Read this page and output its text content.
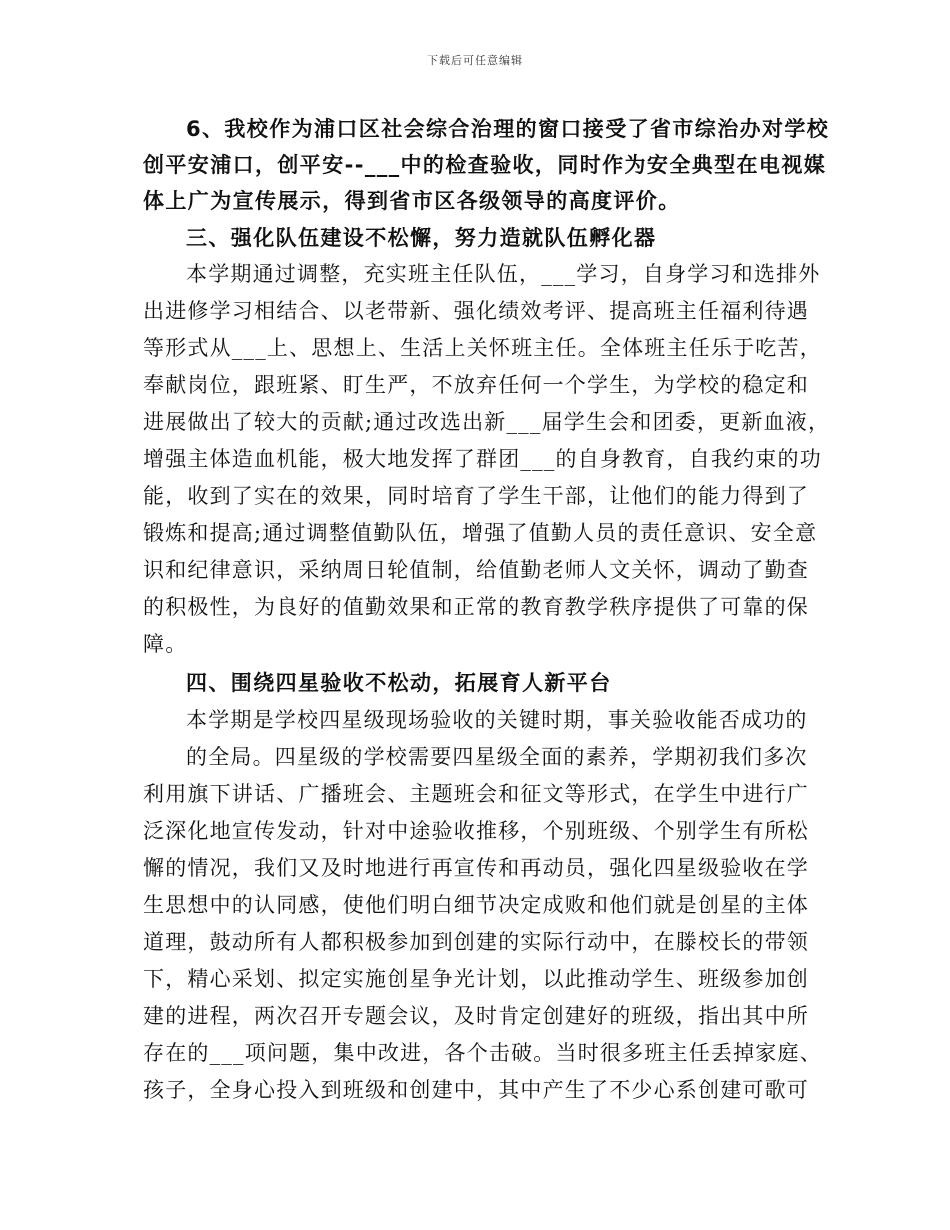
下载后可任意编辑
6、我校作为浦口区社会综合治理的窗口接受了省市综治办对学校
创平安浦口，创平安--___中的检查验收，同时作为安全典型在电视媒
体上广为宣传展示，得到省市区各级领导的高度评价。
三、强化队伍建设不松懈，努力造就队伍孵化器
本学期通过调整，充实班主任队伍，___学习，自身学习和选排外
出进修学习相结合、以老带新、强化绩效考评、提高班主任福利待遇
等形式从___上、思想上、生活上关怀班主任。全体班主任乐于吃苦，
奉献岗位，跟班紧、盯生严，不放弃任何一个学生，为学校的稳定和
进展做出了较大的贡献;通过改选出新___届学生会和团委，更新血液，
增强主体造血机能，极大地发挥了群团___的自身教育，自我约束的功
能，收到了实在的效果，同时培育了学生干部，让他们的能力得到了
锻炼和提高;通过调整值勤队伍，增强了值勤人员的责任意识、安全意
识和纪律意识，采纳周日轮值制，给值勤老师人文关怀，调动了勤查
的积极性，为良好的值勤效果和正常的教育教学秩序提供了可靠的保
障。
四、围绕四星验收不松动，拓展育人新平台
本学期是学校四星级现场验收的关键时期，事关验收能否成功的
的全局。四星级的学校需要四星级全面的素养，学期初我们多次
利用旗下讲话、广播班会、主题班会和征文等形式，在学生中进行广
泛深化地宣传发动，针对中途验收推移，个别班级、个别学生有所松
懈的情况，我们又及时地进行再宣传和再动员，强化四星级验收在学
生思想中的认同感，使他们明白细节决定成败和他们就是创星的主体
道理，鼓动所有人都积极参加到创建的实际行动中，在滕校长的带领
下，精心采划、拟定实施创星争光计划，以此推动学生、班级参加创
建的进程，两次召开专题会议，及时肯定创建好的班级，指出其中所
存在的___项问题，集中改进，各个击破。当时很多班主任丢掉家庭、
孩子，全身心投入到班级和创建中，其中产生了不少心系创建可歌可
